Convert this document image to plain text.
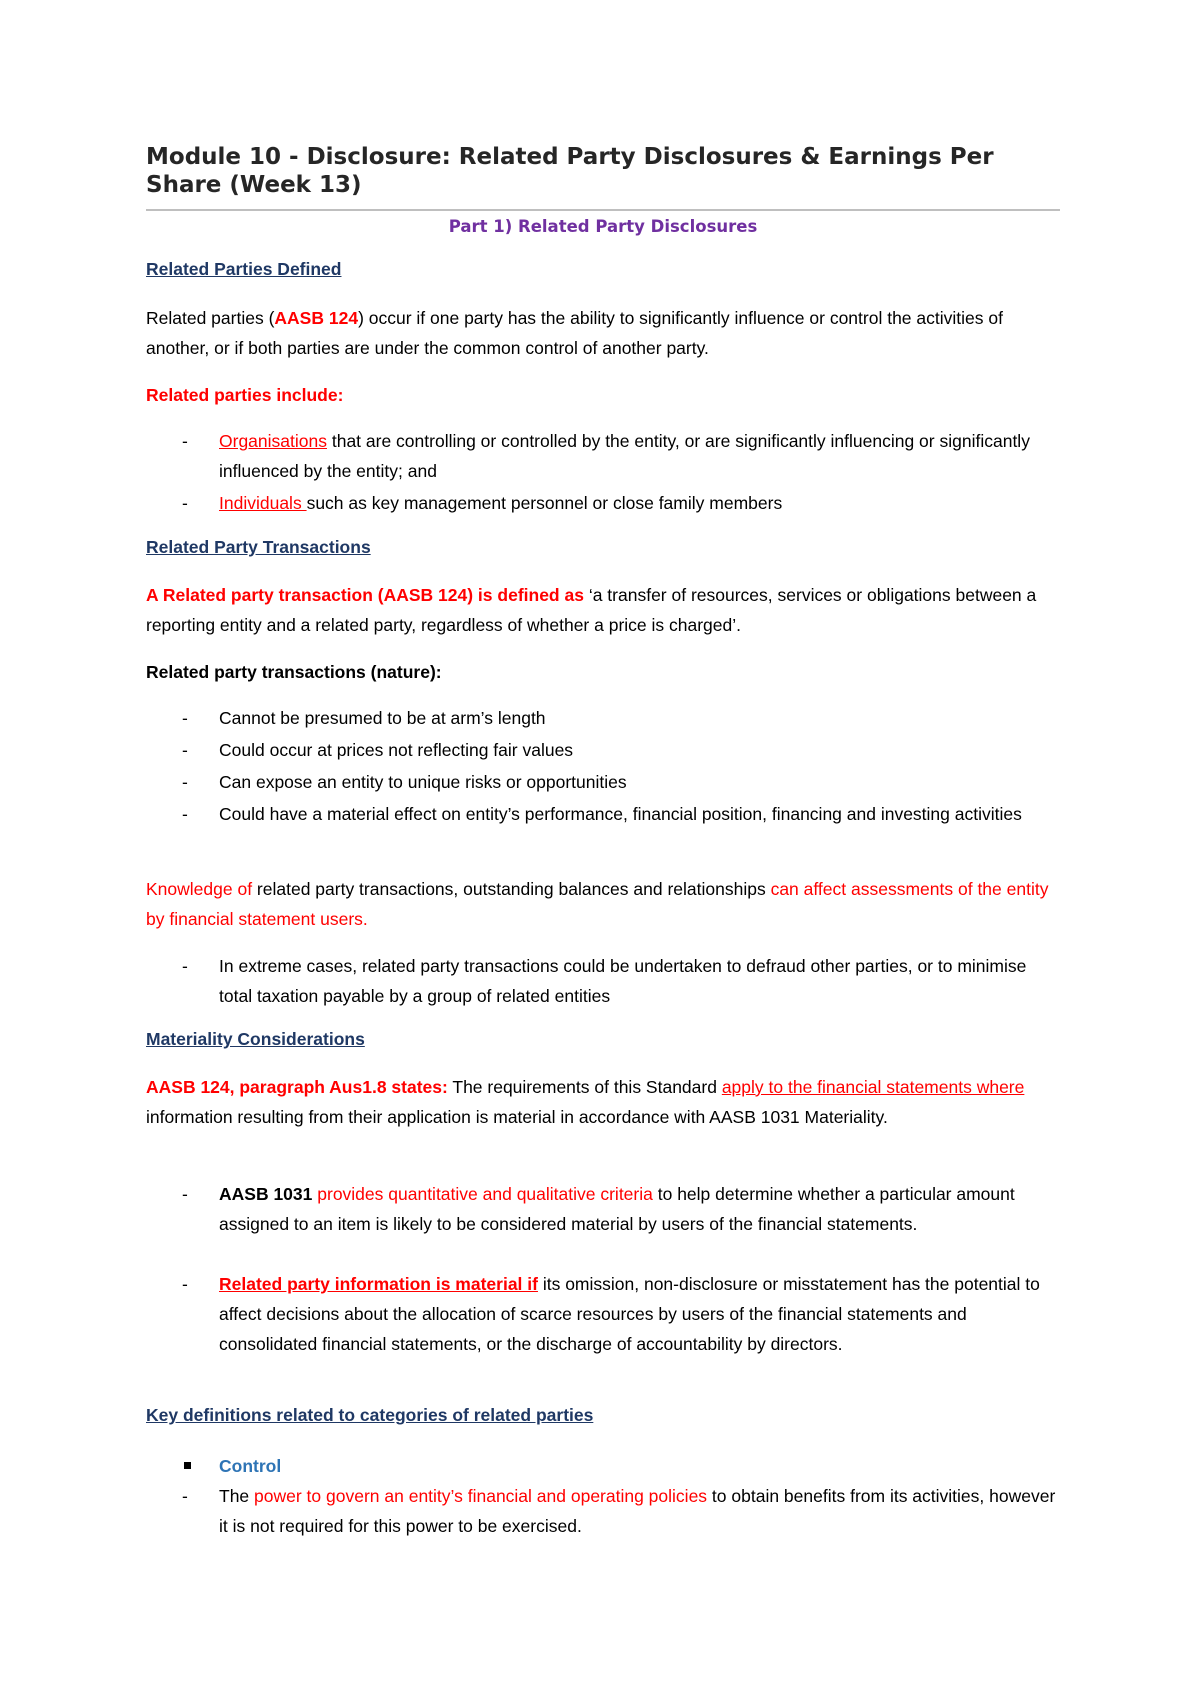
Module 10 - Disclosure: Related Party Disclosures & Earnings Per Share (Week 13)
Part 1) Related Party Disclosures
Related Parties Defined
Related parties (AASB 124) occur if one party has the ability to significantly influence or control the activities of another, or if both parties are under the common control of another party.
Related parties include:
- Organisations that are controlling or controlled by the entity, or are significantly influencing or significantly influenced by the entity; and
- Individuals such as key management personnel or close family members
Related Party Transactions
A Related party transaction (AASB 124) is defined as ‘a transfer of resources, services or obligations between a reporting entity and a related party, regardless of whether a price is charged’.
Related party transactions (nature):
- Cannot be presumed to be at arm’s length
- Could occur at prices not reflecting fair values
- Can expose an entity to unique risks or opportunities
- Could have a material effect on entity’s performance, financial position, financing and investing activities
Knowledge of related party transactions, outstanding balances and relationships can affect assessments of the entity by financial statement users.
- In extreme cases, related party transactions could be undertaken to defraud other parties, or to minimise total taxation payable by a group of related entities
Materiality Considerations
AASB 124, paragraph Aus1.8 states: The requirements of this Standard apply to the financial statements where information resulting from their application is material in accordance with AASB 1031 Materiality.
- AASB 1031 provides quantitative and qualitative criteria to help determine whether a particular amount assigned to an item is likely to be considered material by users of the financial statements.
- Related party information is material if its omission, non-disclosure or misstatement has the potential to affect decisions about the allocation of scarce resources by users of the financial statements and consolidated financial statements, or the discharge of accountability by directors.
Key definitions related to categories of related parties
Control
- The power to govern an entity’s financial and operating policies to obtain benefits from its activities, however it is not required for this power to be exercised.
